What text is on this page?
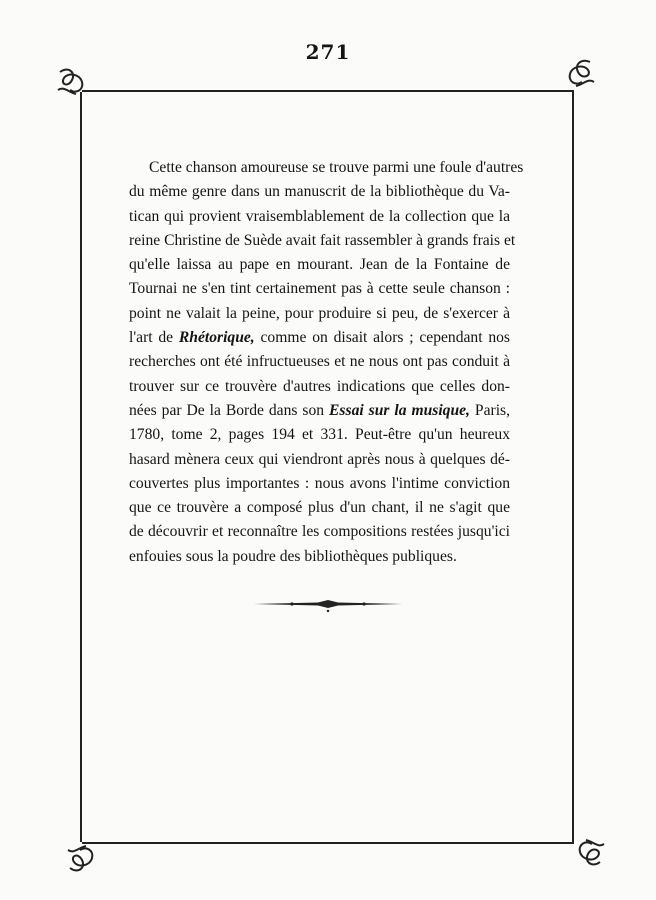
271
Cette chanson amoureuse se trouve parmi une foule d'autres
du même genre dans un manuscrit de la bibliothèque du Va-
tican qui provient vraisemblablement de la collection que la
reine Christine de Suède avait fait rassembler à grands frais et
qu'elle laissa au pape en mourant. Jean de la Fontaine de
Tournai ne s'en tint certainement pas à cette seule chanson :
point ne valait la peine, pour produire si peu, de s'exercer à
l'art de Rhétorique, comme on disait alors ; cependant nos
recherches ont été infructueuses et ne nous ont pas conduit à
trouver sur ce trouvère d'autres indications que celles don-
nées par De la Borde dans son Essai sur la musique, Paris,
1780, tome 2, pages 194 et 331. Peut-être qu'un heureux
hasard mènera ceux qui viendront après nous à quelques dé-
couvertes plus importantes : nous avons l'intime conviction
que ce trouvère a composé plus d'un chant, il ne s'agit que
de découvrir et reconnaître les compositions restées jusqu'ici
enfouies sous la poudre des bibliothèques publiques.
